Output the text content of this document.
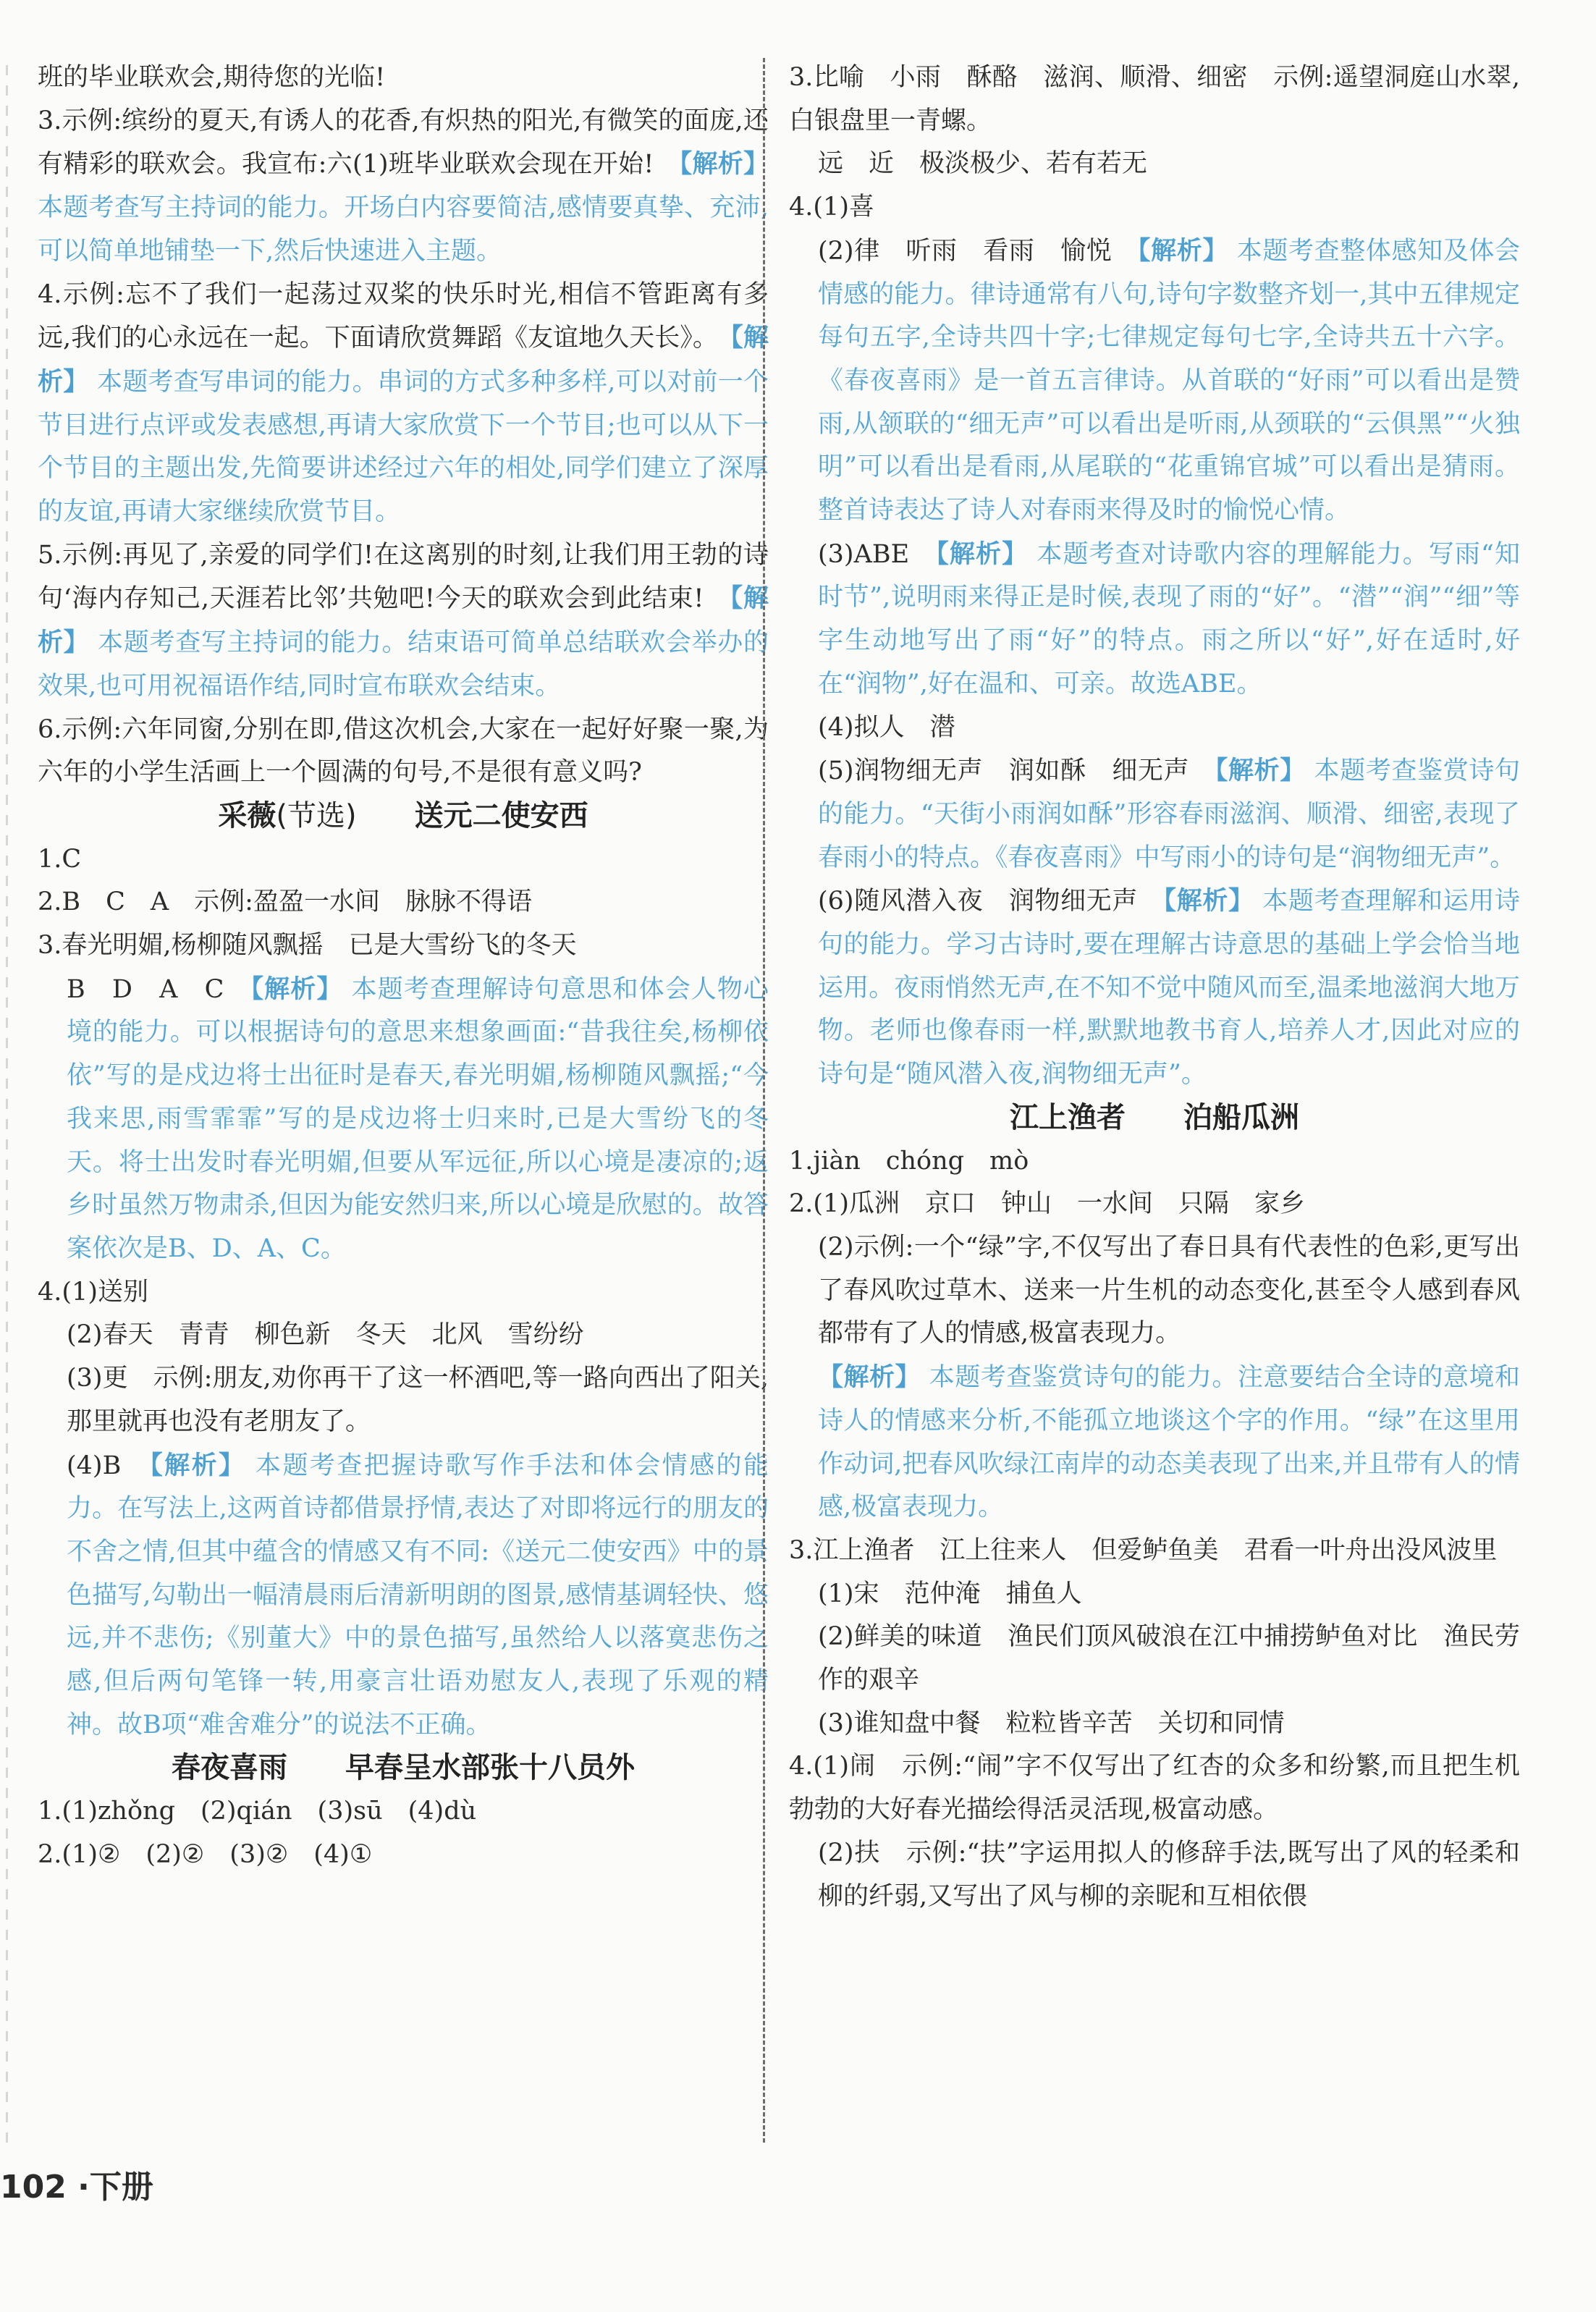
班的毕业联欢会,期待您的光临!
3.示例:缤纷的夏天,有诱人的花香,有炽热的阳光,有微笑的面庞,还有精彩的联欢会。我宣布:六(1)班毕业联欢会现在开始!　 【解析】 本题考查写主持词的能力。开场白内容要简洁,感情要真挚、充沛,可以简单地铺垫一下,然后快速进入主题。
4.示例:忘不了我们一起荡过双桨的快乐时光,相信不管距离有多远,我们的心永远在一起。下面请欣赏舞蹈《友谊地久天长》。　 【解析】 本题考查写串词的能力。串词的方式多种多样,可以对前一个节目进行点评或发表感想,再请大家欣赏下一个节目;也可以从下一个节目的主题出发,先简要讲述经过六年的相处,同学们建立了深厚的友谊,再请大家继续欣赏节目。
5.示例:再见了,亲爱的同学们!在这离别的时刻,让我们用王勃的诗句‘海内存知己,天涯若比邻’共勉吧!今天的联欢会到此结束!　 【解析】 本题考查写主持词的能力。结束语可简单总结联欢会举办的效果,也可用祝福语作结,同时宣布联欢会结束。
6.示例:六年同窗,分别在即,借这次机会,大家在一起好好聚一聚,为六年的小学生活画上一个圆满的句号,不是很有意义吗?
采薇(节选)　　 送元二使安西
1.C
2.B　C　A　示例:盈盈一水间　脉脉不得语
3.春光明媚,杨柳随风飘摇　已是大雪纷飞的冬天
B　D　A　C　 【解析】 本题考查理解诗句意思和体会人物心境的能力。可以根据诗句的意思来想象画面:“昔我往矣,杨柳依依”写的是戍边将士出征时是春天,春光明媚,杨柳随风飘摇;“今我来思,雨雪霏霏”写的是戍边将士归来时,已是大雪纷飞的冬天。将士出发时春光明媚,但要从军远征,所以心境是凄凉的;返乡时虽然万物肃杀,但因为能安然归来,所以心境是欣慰的。故答案依次是B、D、A、C。
4.(1)送别
(2)春天　青青　柳色新　冬天　北风　雪纷纷
(3)更　示例:朋友,劝你再干了这一杯酒吧,等一路向西出了阳关,那里就再也没有老朋友了。
(4)B　 【解析】 本题考查把握诗歌写作手法和体会情感的能力。在写法上,这两首诗都借景抒情,表达了对即将远行的朋友的不舍之情,但其中蕴含的情感又有不同:《送元二使安西》中的景色描写,勾勒出一幅清晨雨后清新明朗的图景,感情基调轻快、悠远,并不悲伤;《别董大》中的景色描写,虽然给人以落寞悲伤之感,但后两句笔锋一转,用豪言壮语劝慰友人,表现了乐观的精神。故B项“难舍难分”的说法不正确。
春夜喜雨　　 早春呈水部张十八员外
1.(1)zhǒng　(2)qián　(3)sū　(4)dù
2.(1)②　(2)②　(3)②　(4)①
3.比喻　小雨　酥酪　滋润、顺滑、细密　示例:遥望洞庭山水翠,白银盘里一青螺。
远　近　极淡极少、若有若无
4.(1)喜
(2)律　听雨　看雨　愉悦　 【解析】 本题考查整体感知及体会情感的能力。律诗通常有八句,诗句字数整齐划一,其中五律规定每句五字,全诗共四十字;七律规定每句七字,全诗共五十六字。《春夜喜雨》是一首五言律诗。从首联的“好雨”可以看出是赞雨,从颔联的“细无声”可以看出是听雨,从颈联的“云俱黑”“火独明”可以看出是看雨,从尾联的“花重锦官城”可以看出是猜雨。整首诗表达了诗人对春雨来得及时的愉悦心情。
(3)ABE　 【解析】 本题考查对诗歌内容的理解能力。写雨“知时节”,说明雨来得正是时候,表现了雨的“好”。“潜”“润”“细”等字生动地写出了雨“好”的特点。雨之所以“好”,好在适时,好在“润物”,好在温和、可亲。故选ABE。
(4)拟人　潜
(5)润物细无声　润如酥　细无声　 【解析】 本题考查鉴赏诗句的能力。“天街小雨润如酥”形容春雨滋润、顺滑、细密,表现了春雨小的特点。《春夜喜雨》中写雨小的诗句是“润物细无声”。
(6)随风潜入夜　润物细无声　 【解析】 本题考查理解和运用诗句的能力。学习古诗时,要在理解古诗意思的基础上学会恰当地运用。夜雨悄然无声,在不知不觉中随风而至,温柔地滋润大地万物。老师也像春雨一样,默默地教书育人,培养人才,因此对应的诗句是“随风潜入夜,润物细无声”。
江上渔者　　 泊船瓜洲
1.jiàn　chóng　mò
2.(1)瓜洲　京口　钟山　一水间　只隔　家乡
(2)示例:一个“绿”字,不仅写出了春日具有代表性的色彩,更写出了春风吹过草木、送来一片生机的动态变化,甚至令人感到春风都带有了人的情感,极富表现力。
【解析】 本题考查鉴赏诗句的能力。注意要结合全诗的意境和诗人的情感来分析,不能孤立地谈这个字的作用。“绿”在这里用作动词,把春风吹绿江南岸的动态美表现了出来,并且带有人的情感,极富表现力。
3.江上渔者　江上往来人　但爱鲈鱼美　君看一叶舟出没风波里
(1)宋　范仲淹　捕鱼人
(2)鲜美的味道　渔民们顶风破浪在江中捕捞鲈鱼对比　渔民劳作的艰辛
(3)谁知盘中餐　粒粒皆辛苦　关切和同情
4.(1)闹　示例:“闹”字不仅写出了红杏的众多和纷繁,而且把生机勃勃的大好春光描绘得活灵活现,极富动感。
(2)扶　示例:“扶”字运用拟人的修辞手法,既写出了风的轻柔和柳的纤弱,又写出了风与柳的亲昵和互相依偎
102 ·下册
